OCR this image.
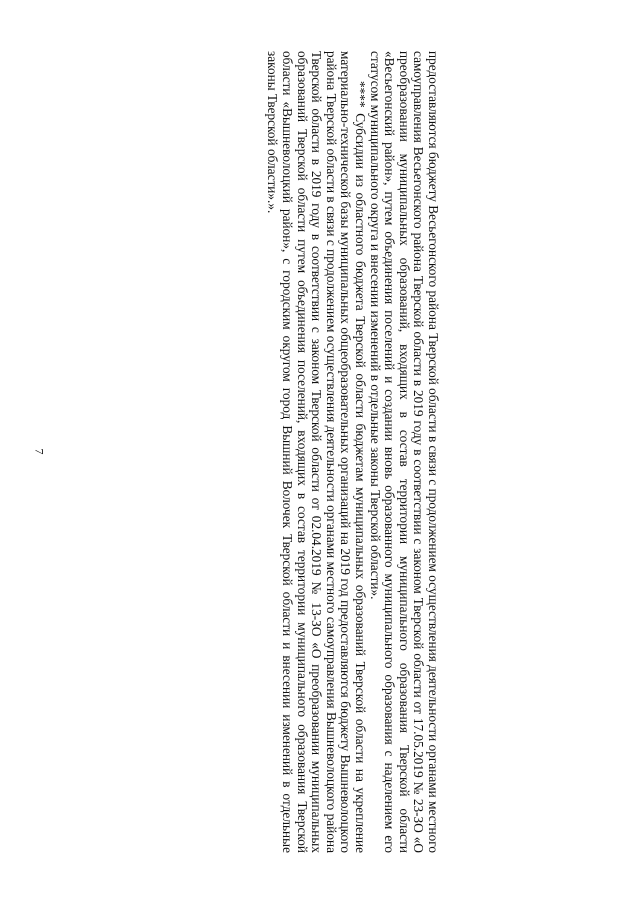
7	предоставляются бюджету Весьегонского района Тверской области в связи с продолжением осуществления деятельности органами местного самоуправления Весьегонского района Тверской области в 2019 году в соответствии с законом Тверской области от 17.05.2019 № 23-ЗО «О преобразовании муниципальных образований, входящих в состав территории муниципального образования Тверской области «Весьегонский район», путем объединения поселений и создании вновь образованного муниципального образования с наделением его статусом муниципального округа и внесении изменений в отдельные законы Тверской области».

**** Субсидии из областного бюджета Тверской области бюджетам муниципальных образований Тверской области на укрепление материально-технической базы муниципальных общеобразовательных организаций на 2019 год предоставляются бюджету Вышневолоцкого района Тверской области в связи с продолжением осуществления деятельности органами местного самоуправления Вышневолоцкого района Тверской области в 2019 году в соответствии с законом Тверской области от 02.04.2019 № 13-ЗО «О преобразовании муниципальных образований Тверской области путем объединения поселений, входящих в состав территории муниципального образования Тверской области «Вышневолоцкий район», с городским округом город Вышний Волочек Тверской области и внесении изменений в отдельные законы Тверской области».».
